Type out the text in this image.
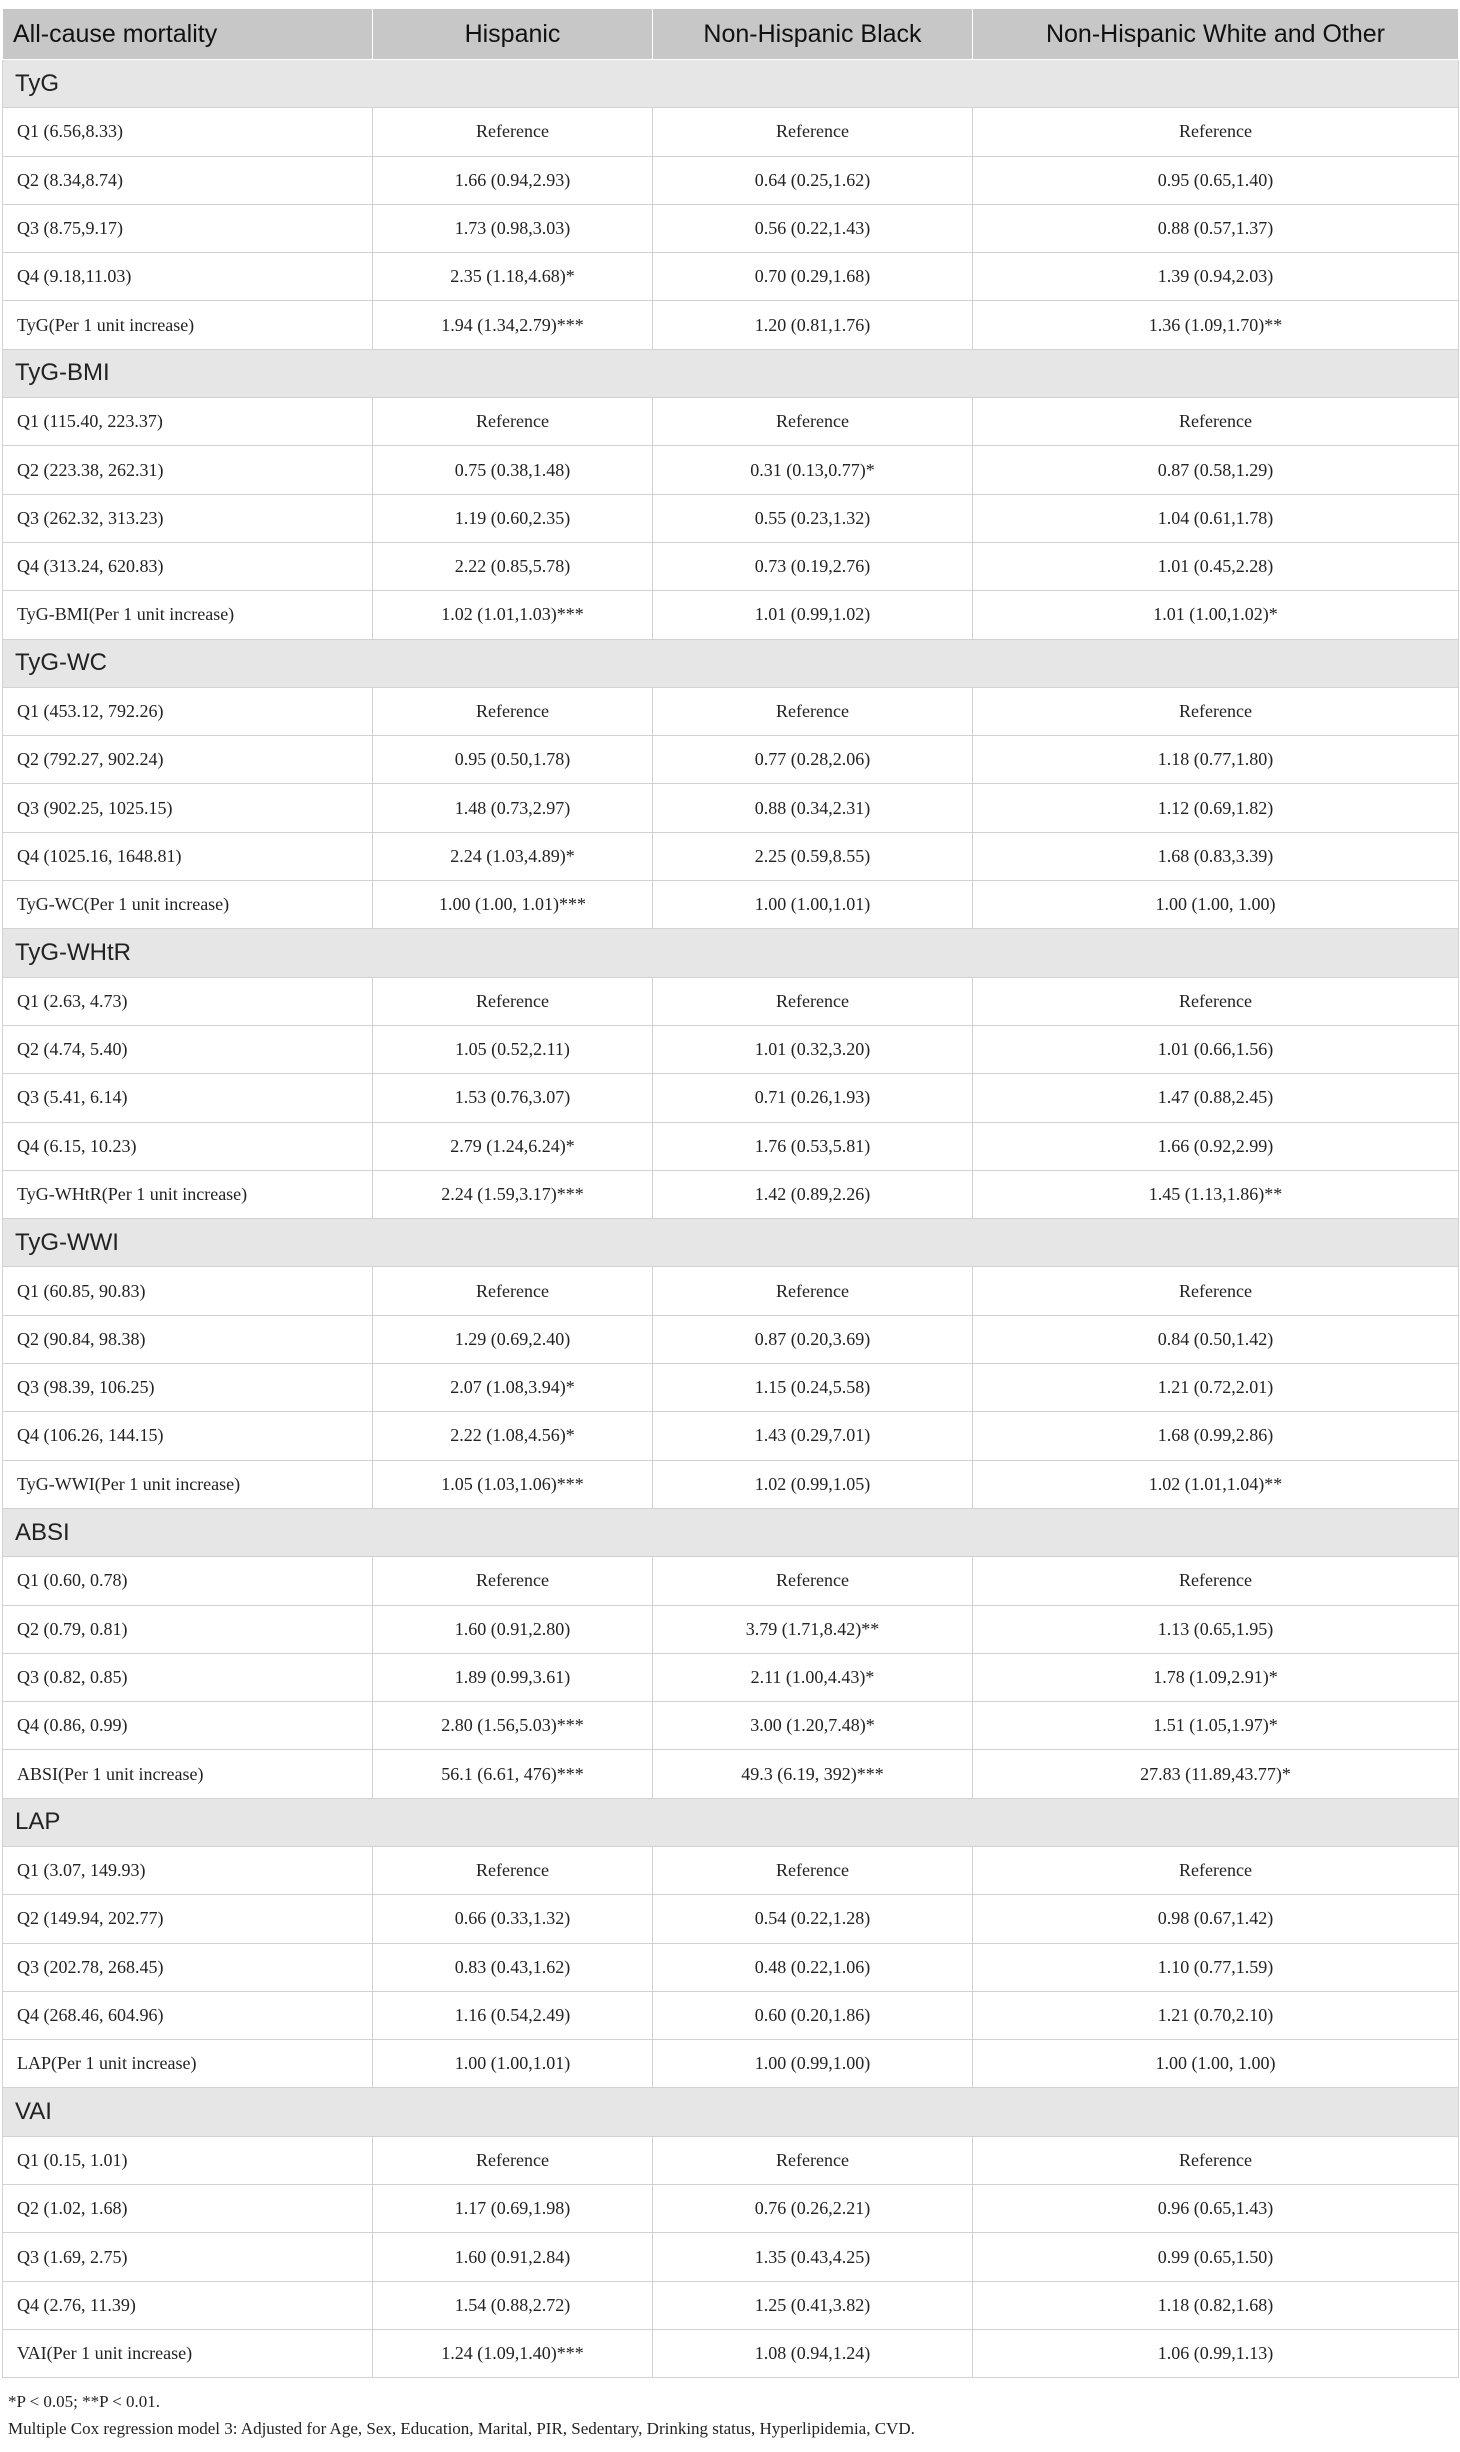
All-cause mortality	Hispanic	Non-Hispanic Black	Non-Hispanic White and Other
TyG			
Q1 (6.56,8.33)	Reference	Reference	Reference
Q2 (8.34,8.74)	1.66 (0.94,2.93)	0.64 (0.25,1.62)	0.95 (0.65,1.40)
Q3 (8.75,9.17)	1.73 (0.98,3.03)	0.56 (0.22,1.43)	0.88 (0.57,1.37)
Q4 (9.18,11.03)	2.35 (1.18,4.68)*	0.70 (0.29,1.68)	1.39 (0.94,2.03)
TyG(Per 1 unit increase)	1.94 (1.34,2.79)***	1.20 (0.81,1.76)	1.36 (1.09,1.70)**
TyG-BMI			
Q1 (115.40, 223.37)	Reference	Reference	Reference
Q2 (223.38, 262.31)	0.75 (0.38,1.48)	0.31 (0.13,0.77)*	0.87 (0.58,1.29)
Q3 (262.32, 313.23)	1.19 (0.60,2.35)	0.55 (0.23,1.32)	1.04 (0.61,1.78)
Q4 (313.24, 620.83)	2.22 (0.85,5.78)	0.73 (0.19,2.76)	1.01 (0.45,2.28)
TyG-BMI(Per 1 unit increase)	1.02 (1.01,1.03)***	1.01 (0.99,1.02)	1.01 (1.00,1.02)*
TyG-WC			
Q1 (453.12, 792.26)	Reference	Reference	Reference
Q2 (792.27, 902.24)	0.95 (0.50,1.78)	0.77 (0.28,2.06)	1.18 (0.77,1.80)
Q3 (902.25, 1025.15)	1.48 (0.73,2.97)	0.88 (0.34,2.31)	1.12 (0.69,1.82)
Q4 (1025.16, 1648.81)	2.24 (1.03,4.89)*	2.25 (0.59,8.55)	1.68 (0.83,3.39)
TyG-WC(Per 1 unit increase)	1.00 (1.00, 1.01)***	1.00 (1.00,1.01)	1.00 (1.00, 1.00)
TyG-WHtR			
Q1 (2.63, 4.73)	Reference	Reference	Reference
Q2 (4.74, 5.40)	1.05 (0.52,2.11)	1.01 (0.32,3.20)	1.01 (0.66,1.56)
Q3 (5.41, 6.14)	1.53 (0.76,3.07)	0.71 (0.26,1.93)	1.47 (0.88,2.45)
Q4 (6.15, 10.23)	2.79 (1.24,6.24)*	1.76 (0.53,5.81)	1.66 (0.92,2.99)
TyG-WHtR(Per 1 unit increase)	2.24 (1.59,3.17)***	1.42 (0.89,2.26)	1.45 (1.13,1.86)**
TyG-WWI			
Q1 (60.85, 90.83)	Reference	Reference	Reference
Q2 (90.84, 98.38)	1.29 (0.69,2.40)	0.87 (0.20,3.69)	0.84 (0.50,1.42)
Q3 (98.39, 106.25)	2.07 (1.08,3.94)*	1.15 (0.24,5.58)	1.21 (0.72,2.01)
Q4 (106.26, 144.15)	2.22 (1.08,4.56)*	1.43 (0.29,7.01)	1.68 (0.99,2.86)
TyG-WWI(Per 1 unit increase)	1.05 (1.03,1.06)***	1.02 (0.99,1.05)	1.02 (1.01,1.04)**
ABSI			
Q1 (0.60, 0.78)	Reference	Reference	Reference
Q2 (0.79, 0.81)	1.60 (0.91,2.80)	3.79 (1.71,8.42)**	1.13 (0.65,1.95)
Q3 (0.82, 0.85)	1.89 (0.99,3.61)	2.11 (1.00,4.43)*	1.78 (1.09,2.91)*
Q4 (0.86, 0.99)	2.80 (1.56,5.03)***	3.00 (1.20,7.48)*	1.51 (1.05,1.97)*
ABSI(Per 1 unit increase)	56.1 (6.61, 476)***	49.3 (6.19, 392)***	27.83 (11.89,43.77)*
LAP			
Q1 (3.07, 149.93)	Reference	Reference	Reference
Q2 (149.94, 202.77)	0.66 (0.33,1.32)	0.54 (0.22,1.28)	0.98 (0.67,1.42)
Q3 (202.78, 268.45)	0.83 (0.43,1.62)	0.48 (0.22,1.06)	1.10 (0.77,1.59)
Q4 (268.46, 604.96)	1.16 (0.54,2.49)	0.60 (0.20,1.86)	1.21 (0.70,2.10)
LAP(Per 1 unit increase)	1.00 (1.00,1.01)	1.00 (0.99,1.00)	1.00 (1.00, 1.00)
VAI			
Q1 (0.15, 1.01)	Reference	Reference	Reference
Q2 (1.02, 1.68)	1.17 (0.69,1.98)	0.76 (0.26,2.21)	0.96 (0.65,1.43)
Q3 (1.69, 2.75)	1.60 (0.91,2.84)	1.35 (0.43,4.25)	0.99 (0.65,1.50)
Q4 (2.76, 11.39)	1.54 (0.88,2.72)	1.25 (0.41,3.82)	1.18 (0.82,1.68)
VAI(Per 1 unit increase)	1.24 (1.09,1.40)***	1.08 (0.94,1.24)	1.06 (0.99,1.13)
*P < 0.05; **P < 0.01.
Multiple Cox regression model 3: Adjusted for Age, Sex, Education, Marital, PIR, Sedentary, Drinking status, Hyperlipidemia, CVD.
